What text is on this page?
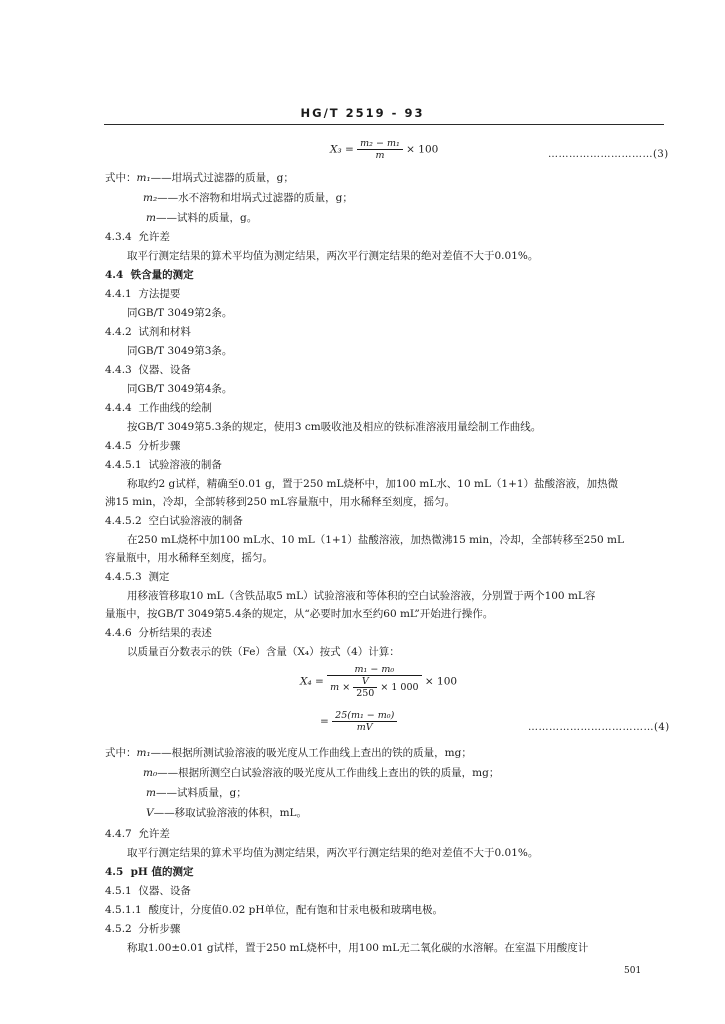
HG/T 2519 - 93
$X_3 = \frac{\text{m₂ − m₁}}{m} \times 100$	…………………………(3)
式中：m₁——坩埚式过滤器的质量，g；
m₂——水不溶物和坩埚式过滤器的质量，g；
m——试料的质量，g。
4.3.4 允许差
取平行测定结果的算术平均值为测定结果，两次平行测定结果的绝对差值不大于0.01%。
4.4 铁含量的测定
4.4.1 方法提要
同GB/T 3049第2条。
4.4.2 试剂和材料
同GB/T 3049第3条。
4.4.3 仪器、设备
同GB/T 3049第4条。
4.4.4 工作曲线的绘制
按GB/T 3049第5.3条的规定，使用3 cm吸收池及相应的铁标准溶液用量绘制工作曲线。
4.4.5 分析步骤
4.4.5.1 试验溶液的制备
称取约2 g试样，精确至0.01 g，置于250 mL烧杯中，加100 mL水、10 mL（1+1）盐酸溶液，加热微
沸15 min，冷却，全部转移到250 mL容量瓶中，用水稀释至刻度，摇匀。
4.4.5.2 空白试验溶液的制备
在250 mL烧杯中加100 mL水、10 mL（1+1）盐酸溶液，加热微沸15 min，冷却，全部转移至250 mL
容量瓶中，用水稀释至刻度，摇匀。
4.4.5.3 测定
用移液管移取10 mL（含铁品取5 mL）试验溶液和等体积的空白试验溶液，分别置于两个100 mL容
量瓶中，按GB/T 3049第5.4条的规定，从“必要时加水至约60 mL”开始进行操作。
4.4.6 分析结果的表述
以质量百分数表示的铁（Fe）含量（X₄）按式（4）计算：
X₄ =
m₁ − m₀
$m \times \frac{V}{250} \times 1$ 000 × 100
= $\frac{\text{25(m₁ − m₀)}}{mV}$	………………………………(4)
式中：m₁——根据所测试验溶液的吸光度从工作曲线上查出的铁的质量，mg；
m₀——根据所测空白试验溶液的吸光度从工作曲线上查出的铁的质量，mg；
m——试料质量，g；
V——移取试验溶液的体积，mL。
4.4.7 允许差
取平行测定结果的算术平均值为测定结果，两次平行测定结果的绝对差值不大于0.01%。
4.5 pH 值的测定
4.5.1 仪器、设备
4.5.1.1 酸度计，分度值0.02 pH单位，配有饱和甘汞电极和玻璃电极。
4.5.2 分析步骤
称取1.00±0.01 g试样，置于250 mL烧杯中，用100 mL无二氧化碳的水溶解。在室温下用酸度计
501
